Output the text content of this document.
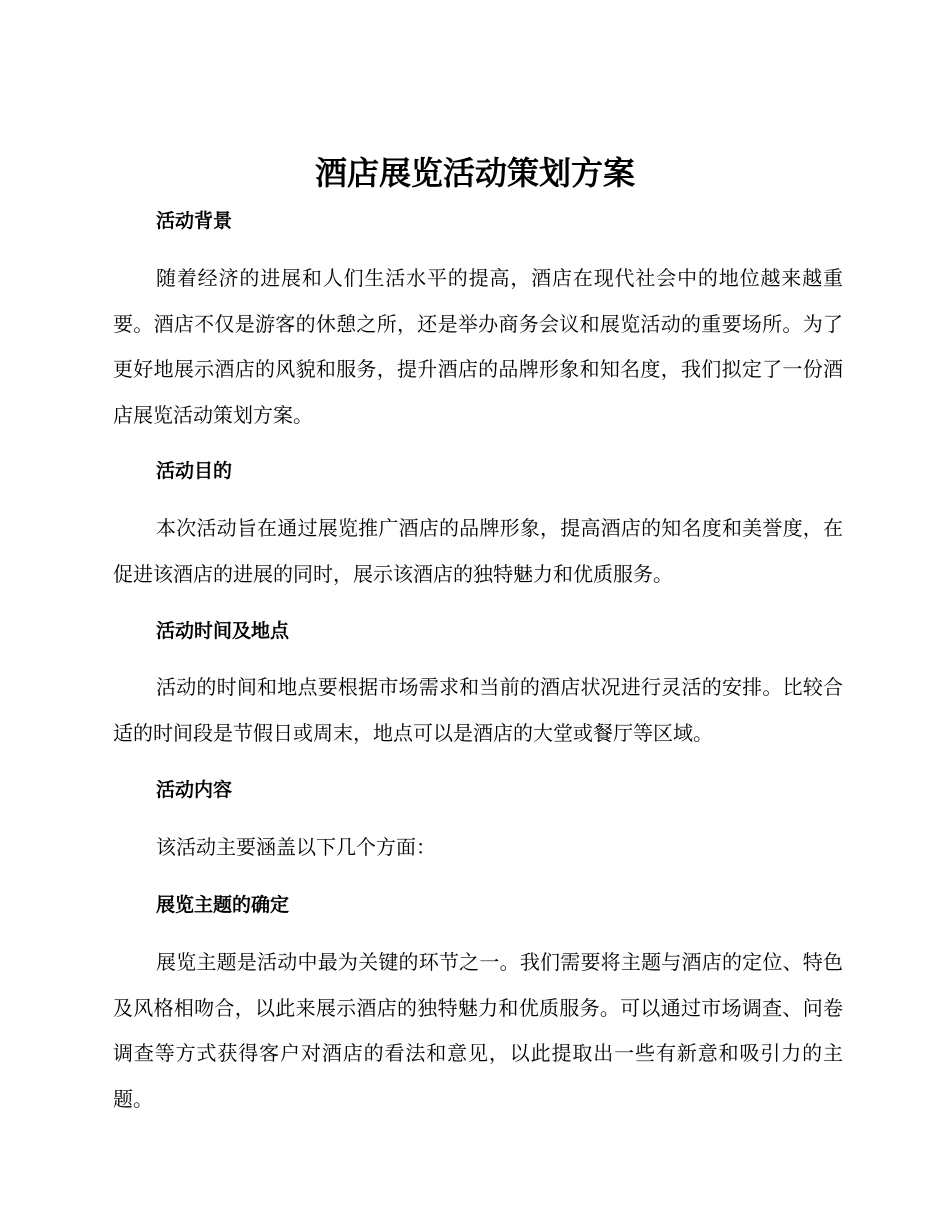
酒店展览活动策划方案
活动背景

随着经济的进展和人们生活水平的提高，酒店在现代社会中的地位越来越重要。酒店不仅是游客的休憩之所，还是举办商务会议和展览活动的重要场所。为了更好地展示酒店的风貌和服务，提升酒店的品牌形象和知名度，我们拟定了一份酒店展览活动策划方案。

活动目的

本次活动旨在通过展览推广酒店的品牌形象，提高酒店的知名度和美誉度，在促进该酒店的进展的同时，展示该酒店的独特魅力和优质服务。

活动时间及地点

活动的时间和地点要根据市场需求和当前的酒店状况进行灵活的安排。比较合适的时间段是节假日或周末，地点可以是酒店的大堂或餐厅等区域。

活动内容

该活动主要涵盖以下几个方面：

展览主题的确定

展览主题是活动中最为关键的环节之一。我们需要将主题与酒店的定位、特色及风格相吻合，以此来展示酒店的独特魅力和优质服务。可以通过市场调查、问卷调查等方式获得客户对酒店的看法和意见，以此提取出一些有新意和吸引力的主题。
